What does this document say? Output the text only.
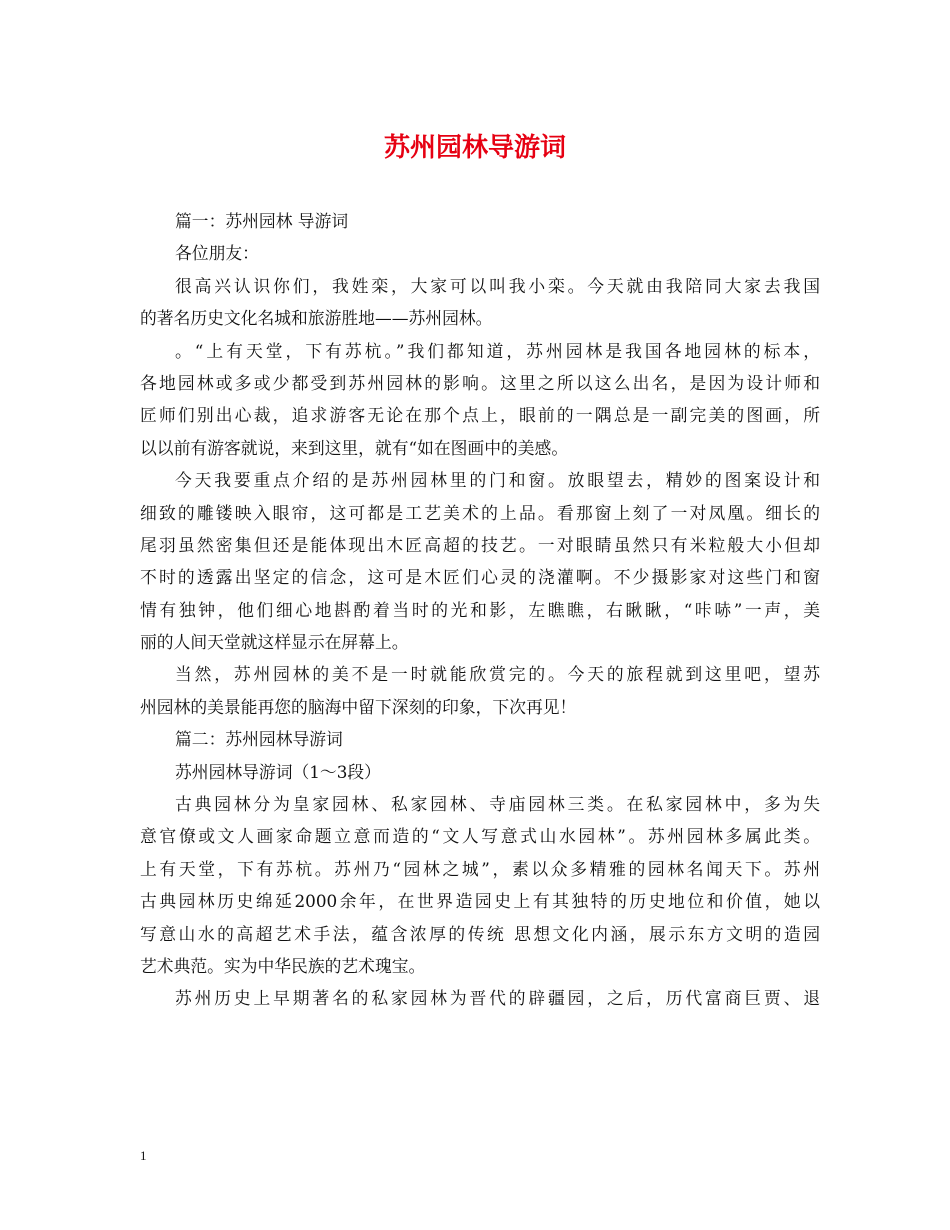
苏州园林导游词
篇一：苏州园林 导游词
各位朋友：
很高兴认识你们，我姓栾，大家可以叫我小栾。今天就由我陪同大家去我国
的著名历史文化名城和旅游胜地——苏州园林。
。“上有天堂，下有苏杭。”我们都知道，苏州园林是我国各地园林的标本，
各地园林或多或少都受到苏州园林的影响。这里之所以这么出名，是因为设计师和
匠师们别出心裁，追求游客无论在那个点上，眼前的一隅总是一副完美的图画，所
以以前有游客就说，来到这里，就有“如在图画中的美感。
今天我要重点介绍的是苏州园林里的门和窗。放眼望去，精妙的图案设计和
细致的雕镂映入眼帘，这可都是工艺美术的上品。看那窗上刻了一对凤凰。细长的
尾羽虽然密集但还是能体现出木匠高超的技艺。一对眼睛虽然只有米粒般大小但却
不时的透露出坚定的信念，这可是木匠们心灵的浇灌啊。不少摄影家对这些门和窗
情有独钟，他们细心地斟酌着当时的光和影，左瞧瞧，右瞅瞅，“咔哧”一声，美
丽的人间天堂就这样显示在屏幕上。
当然，苏州园林的美不是一时就能欣赏完的。今天的旅程就到这里吧，望苏
州园林的美景能再您的脑海中留下深刻的印象，下次再见！
篇二：苏州园林导游词
苏州园林导游词（1～3段）
古典园林分为皇家园林、私家园林、寺庙园林三类。在私家园林中，多为失
意官僚或文人画家命题立意而造的“文人写意式山水园林”。苏州园林多属此类。
上有天堂，下有苏杭。苏州乃“园林之城”，素以众多精雅的园林名闻天下。苏州
古典园林历史绵延2000余年，在世界造园史上有其独特的历史地位和价值，她以
写意山水的高超艺术手法，蕴含浓厚的传统 思想文化内涵，展示东方文明的造园
艺术典范。实为中华民族的艺术瑰宝。
苏州历史上早期著名的私家园林为晋代的辟疆园，之后，历代富商巨贾、退
1
